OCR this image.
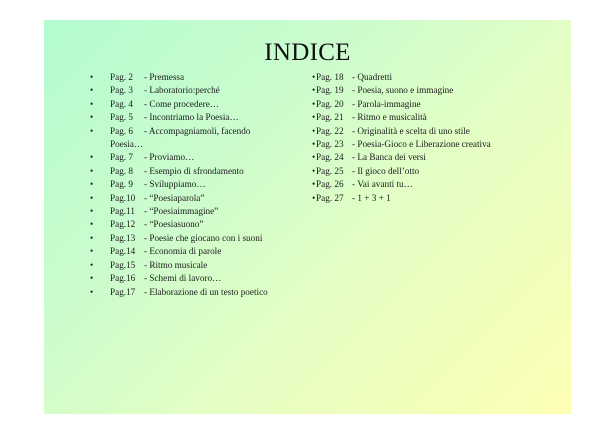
INDICE
• Pag. 2 - Premessa
• Pag. 3 - Laboratorio:perché
• Pag. 4 - Come procedere…
• Pag. 5 - Incontriamo la Poesia…
• Pag. 6 - Accompagniamoli, facendo
Poesia…
• Pag. 7 - Proviamo…
• Pag. 8 - Esempio di sfrondamento
• Pag. 9 - Sviluppiamo…
• Pag.10 - “Poesiaparola”
• Pag.11 - “Poesiaimmagine”
• Pag.12 - “Poesiasuono”
• Pag.13 - Poesie che giocano con i suoni
• Pag.14 - Economia di parole
• Pag.15 - Ritmo musicale
• Pag.16 - Schemi di lavoro…
• Pag.17 - Elaborazione di un testo poetico
•Pag. 18 - Quadretti
•Pag. 19 - Poesia, suono e immagine
•Pag. 20 - Parola-immagine
•Pag. 21 - Ritmo e musicalità
•Pag. 22 - Originalità e scelta di uno stile
•Pag. 23 - Poesia-Gioco e Liberazione creativa
•Pag. 24 - La Banca dei versi
•Pag. 25 - Il gioco dell’otto
•Pag. 26 - Vai avanti tu…
•Pag. 27 - 1 + 3 + 1
